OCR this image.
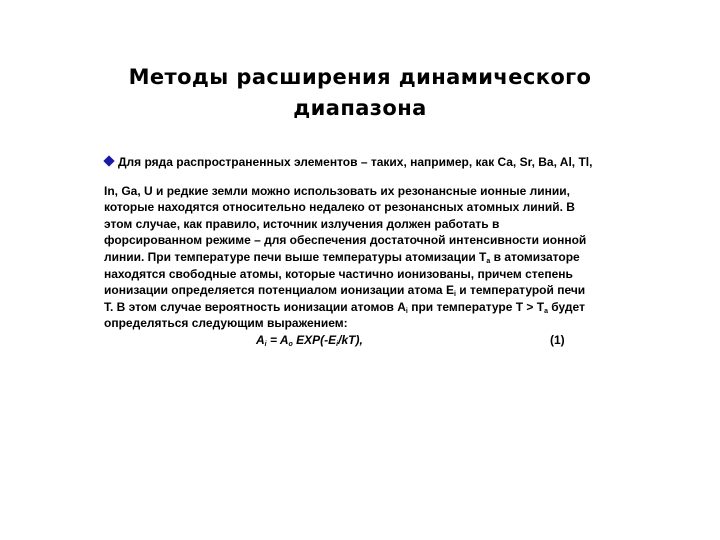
Методы расширения динамического
диапазона
Для ряда распространенных элементов – таких, например, как Ca, Sr, Ba, Al, Tl,
In, Ga, U и редкие земли можно использовать их резонансные ионные линии,
которые находятся относительно недалеко от резонансных атомных линий. В
этом случае, как правило, источник излучения должен работать в
форсированном режиме – для обеспечения достаточной интенсивности ионной
линии. При температуре печи выше температуры атомизации $T_a$ в атомизаторе
находятся свободные атомы, которые частично ионизованы, причем степень
ионизации определяется потенциалом ионизации атома $E_i$ и температурой печи
T. В этом случае вероятность ионизации атомов $A_i$ при температуре $T > T_a$ будет
определяться следующим выражением:
$A_i = A_o$ $EXP(-E_i/kT)$,	(1)
